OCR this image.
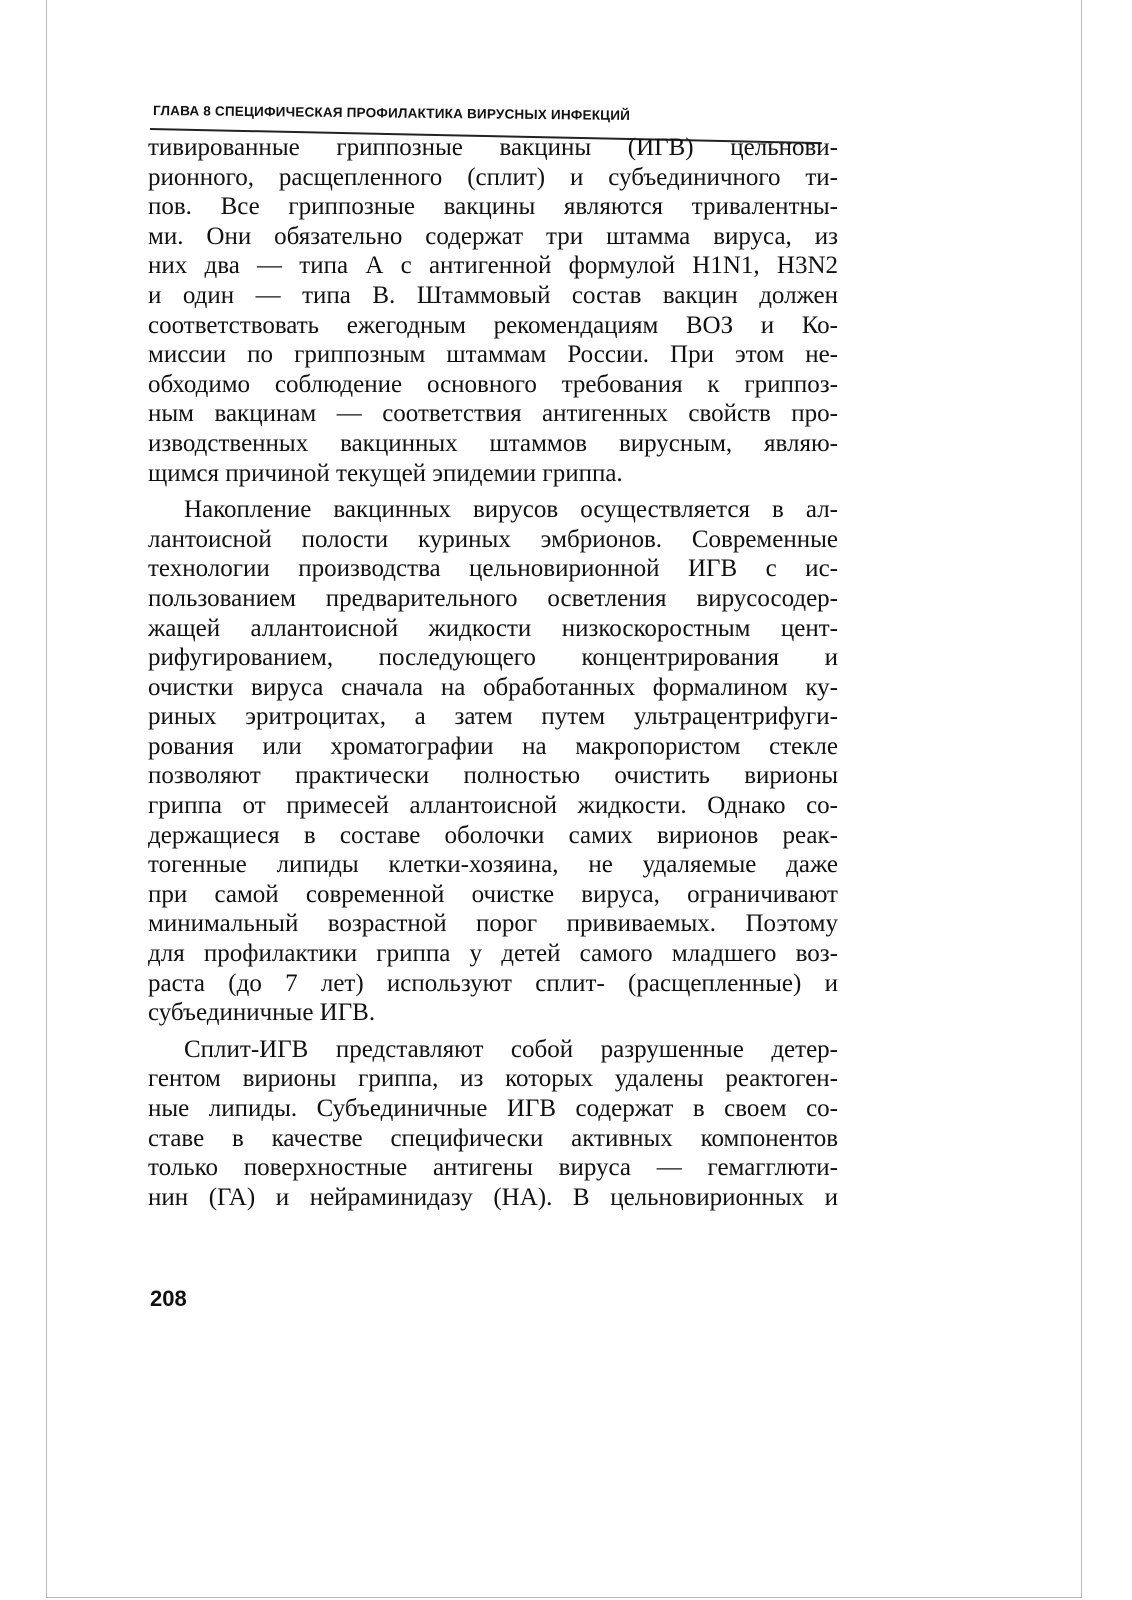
ГЛАВА 8 СПЕЦИФИЧЕСКАЯ ПРОФИЛАКТИКА ВИРУСНЫХ ИНФЕКЦИЙ

тивированные гриппозные вакцины (ИГВ) цельнови-
рионного, расщепленного (сплит) и субъединичного ти-
пов. Все гриппозные вакцины являются тривалентны-
ми. Они обязательно содержат три штамма вируса, из
них два — типа А с антигенной формулой H1N1, H3N2
и один — типа В. Штаммовый состав вакцин должен
соответствовать ежегодным рекомендациям ВОЗ и Ко-
миссии по гриппозным штаммам России. При этом не-
обходимо соблюдение основного требования к гриппоз-
ным вакцинам — соответствия антигенных свойств про-
изводственных вакцинных штаммов вирусным, являю-
щимся причиной текущей эпидемии гриппа.

Накопление вакцинных вирусов осуществляется в ал-
лантоисной полости куриных эмбрионов. Современные
технологии производства цельновирионной ИГВ с ис-
пользованием предварительного осветления вирусосодер-
жащей аллантоисной жидкости низкоскоростным цент-
рифугированием, последующего концентрирования и
очистки вируса сначала на обработанных формалином ку-
риных эритроцитах, а затем путем ультрацентрифуги-
рования или хроматографии на макропористом стекле
позволяют практически полностью очистить вирионы
гриппа от примесей аллантоисной жидкости. Однако со-
держащиеся в составе оболочки самих вирионов реак-
тогенные липиды клетки-хозяина, не удаляемые даже
при самой современной очистке вируса, ограничивают
минимальный возрастной порог прививаемых. Поэтому
для профилактики гриппа у детей самого младшего воз-
раста (до 7 лет) используют сплит- (расщепленные) и
субъединичные ИГВ.

Сплит-ИГВ представляют собой разрушенные детер-
гентом вирионы гриппа, из которых удалены реактоген-
ные липиды. Субъединичные ИГВ содержат в своем со-
ставе в качестве специфически активных компонентов
только поверхностные антигены вируса — гемагглюти-
нин (ГА) и нейраминидазу (НА). В цельновирионных и

208
